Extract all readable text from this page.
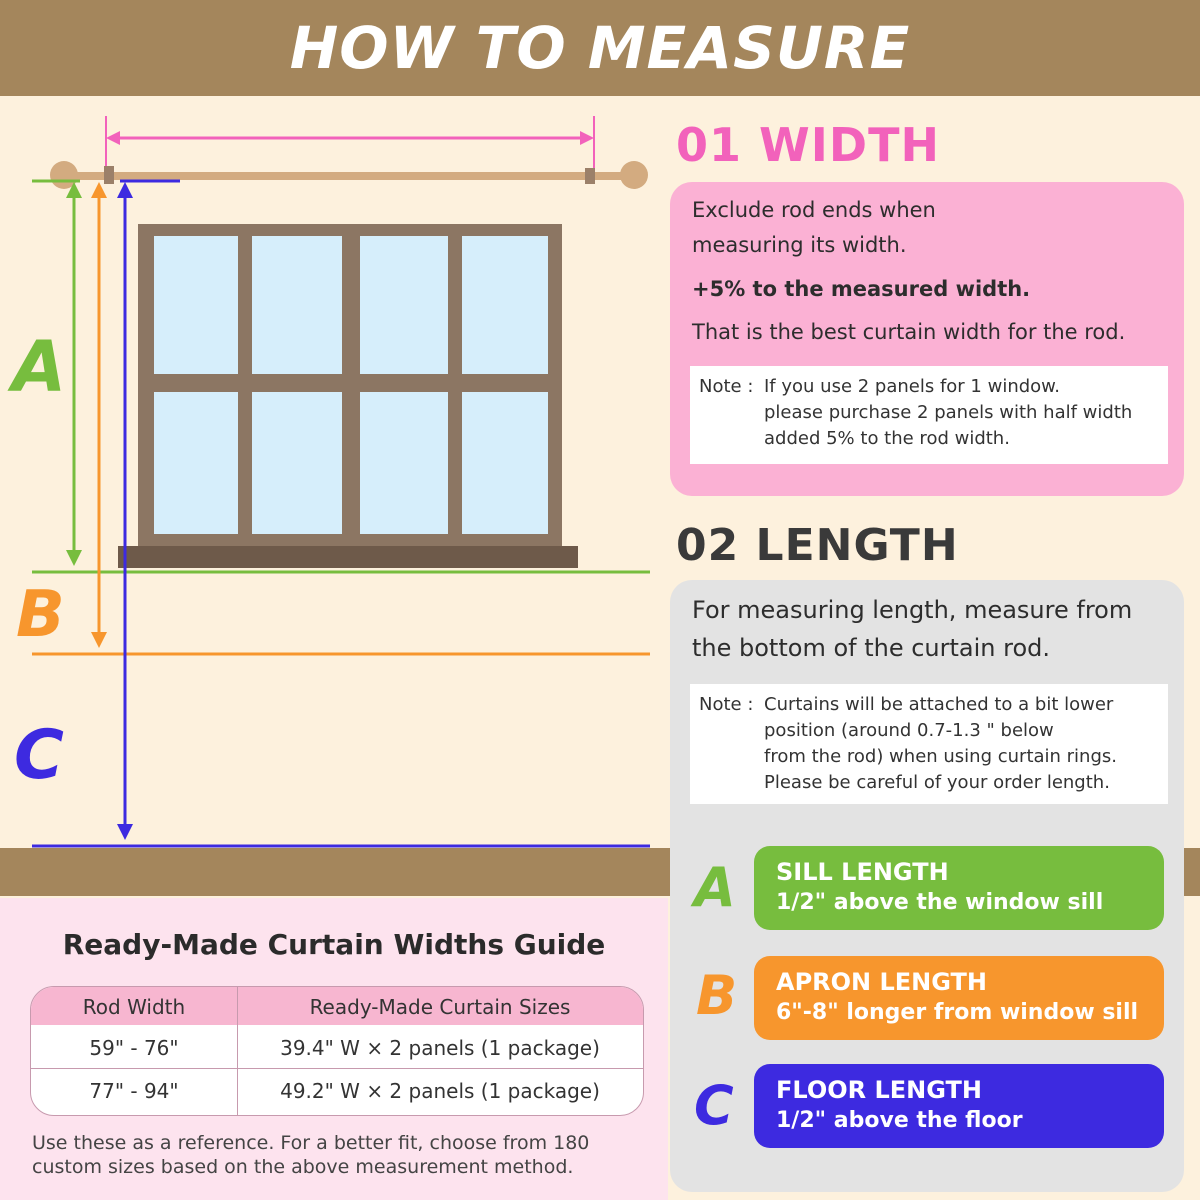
HOW TO MEASURE
A
B
C
01 WIDTH
Exclude rod ends when
measuring its width.
+5% to the measured width.
That is the best curtain width for the rod.
Note : If you use 2 panels for 1 window.
please purchase 2 panels with half width
added 5% to the rod width.
02 LENGTH
For measuring length, measure from
the bottom of the curtain rod.
Note : Curtains will be attached to a bit lower
position (around 0.7-1.3 " below
from the rod) when using curtain rings.
Please be careful of your order length.
A SILL LENGTH
1/2" above the window sill
B APRON LENGTH
6"-8" longer from window sill
C FLOOR LENGTH
1/2" above the floor
Ready-Made Curtain Widths Guide
Rod Width	Ready-Made Curtain Sizes
59" - 76"	39.4" W × 2 panels (1 package)
77" - 94"	49.2" W × 2 panels (1 package)
Use these as a reference. For a better fit, choose from 180
custom sizes based on the above measurement method.
